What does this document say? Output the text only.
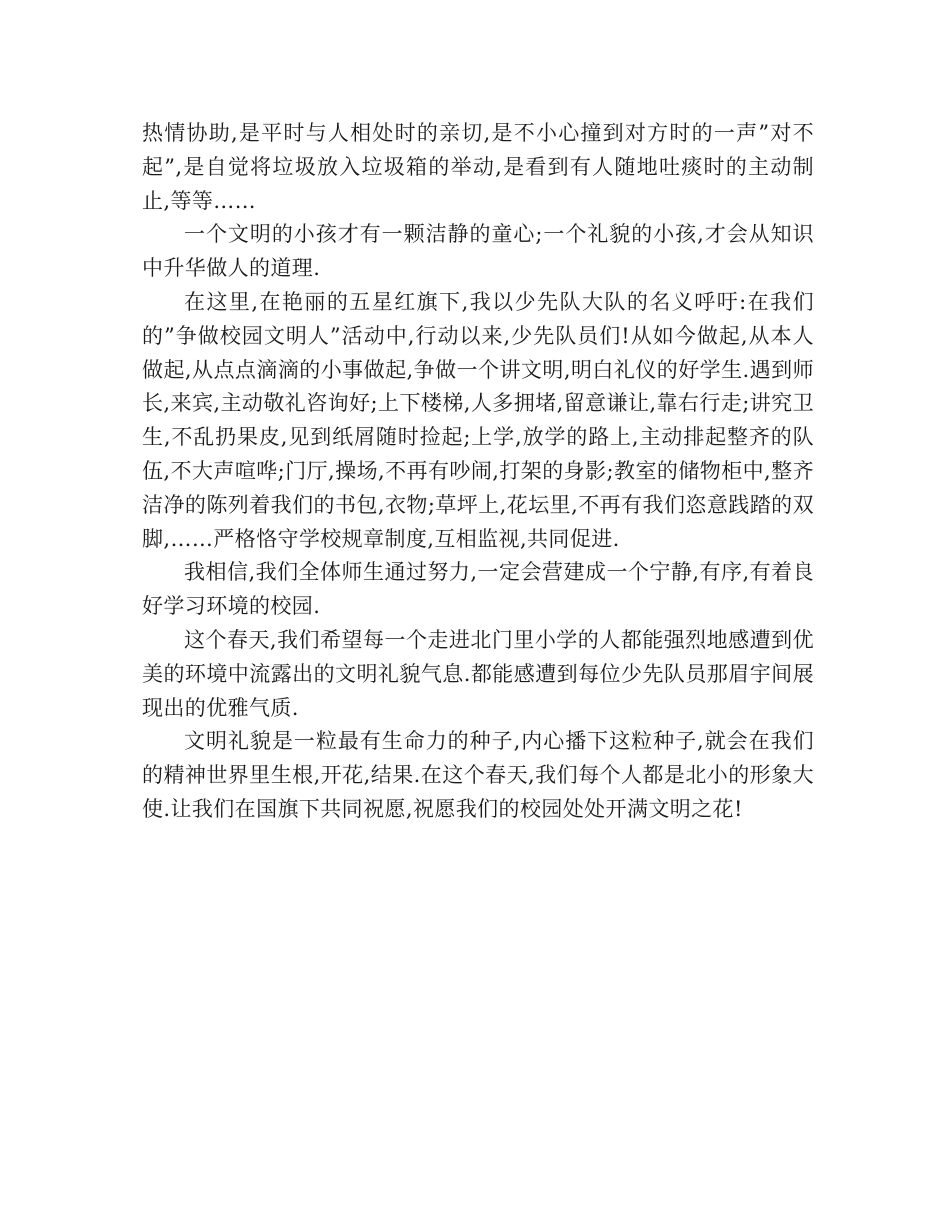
热情协助,是平时与人相处时的亲切,是不小心撞到对方时的一声”对不起”,是自觉将垃圾放入垃圾箱的举动,是看到有人随地吐痰时的主动制止,等等……

一个文明的小孩才有一颗洁静的童心;一个礼貌的小孩,才会从知识中升华做人的道理.

在这里,在艳丽的五星红旗下,我以少先队大队的名义呼吁:在我们的”争做校园文明人”活动中,行动以来,少先队员们!从如今做起,从本人做起,从点点滴滴的小事做起,争做一个讲文明,明白礼仪的好学生.遇到师长,来宾,主动敬礼咨询好;上下楼梯,人多拥堵,留意谦让,靠右行走;讲究卫生,不乱扔果皮,见到纸屑随时捡起;上学,放学的路上,主动排起整齐的队伍,不大声喧哗;门厅,操场,不再有吵闹,打架的身影;教室的储物柜中,整齐洁净的陈列着我们的书包,衣物;草坪上,花坛里,不再有我们恣意践踏的双脚,……严格恪守学校规章制度,互相监视,共同促进.

我相信,我们全体师生通过努力,一定会营建成一个宁静,有序,有着良好学习环境的校园.

这个春天,我们希望每一个走进北门里小学的人都能强烈地感遭到优美的环境中流露出的文明礼貌气息.都能感遭到每位少先队员那眉宇间展现出的优雅气质.

文明礼貌是一粒最有生命力的种子,内心播下这粒种子,就会在我们的精神世界里生根,开花,结果.在这个春天,我们每个人都是北小的形象大使.让我们在国旗下共同祝愿,祝愿我们的校园处处开满文明之花!
